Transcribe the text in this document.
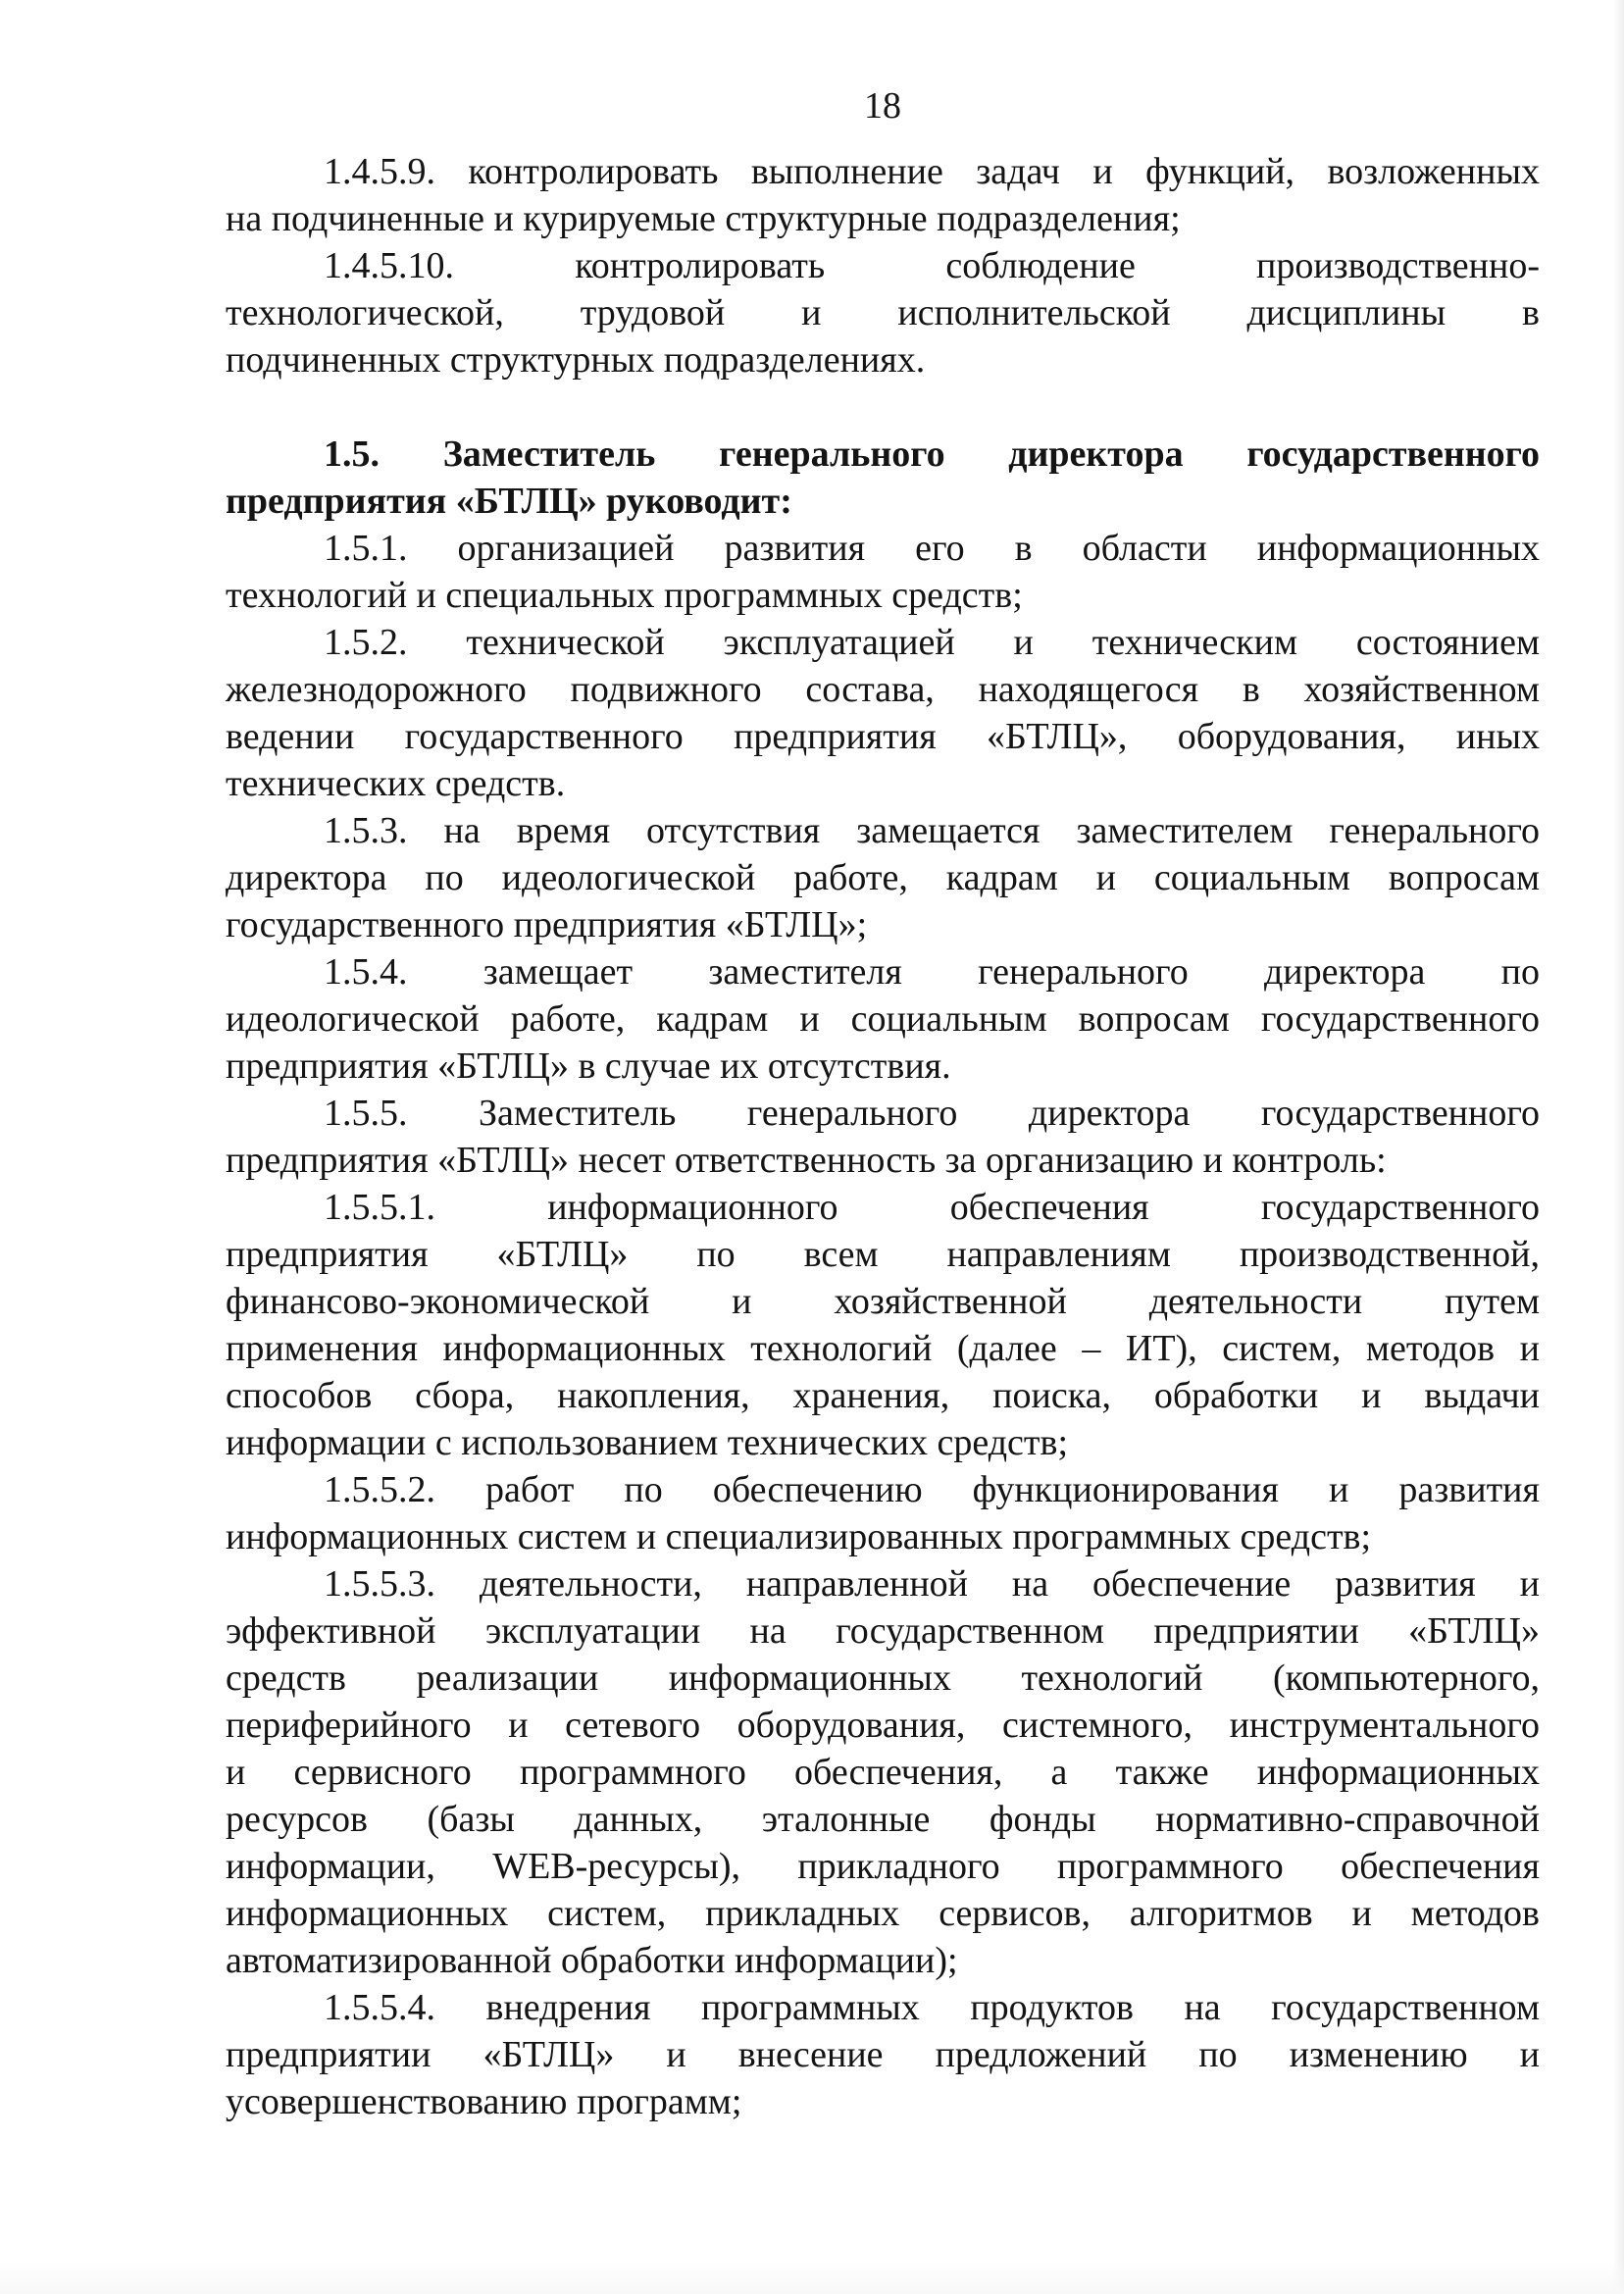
18
1.4.5.9. контролировать выполнение задач и функций, возложенных
на подчиненные и курируемые структурные подразделения;
1.4.5.10. контролировать соблюдение производственно-
технологической, трудовой и исполнительской дисциплины в
подчиненных структурных подразделениях.
1.5. Заместитель генерального директора государственного
предприятия «БТЛЦ» руководит:
1.5.1. организацией развития его в области информационных
технологий и специальных программных средств;
1.5.2. технической эксплуатацией и техническим состоянием
железнодорожного подвижного состава, находящегося в хозяйственном
ведении государственного предприятия «БТЛЦ», оборудования, иных
технических средств.
1.5.3. на время отсутствия замещается заместителем генерального
директора по идеологической работе, кадрам и социальным вопросам
государственного предприятия «БТЛЦ»;
1.5.4. замещает заместителя генерального директора по
идеологической работе, кадрам и социальным вопросам государственного
предприятия «БТЛЦ» в случае их отсутствия.
1.5.5. Заместитель генерального директора государственного
предприятия «БТЛЦ» несет ответственность за организацию и контроль:
1.5.5.1. информационного обеспечения государственного
предприятия «БТЛЦ» по всем направлениям производственной,
финансово-экономической и хозяйственной деятельности путем
применения информационных технологий (далее – ИТ), систем, методов и
способов сбора, накопления, хранения, поиска, обработки и выдачи
информации с использованием технических средств;
1.5.5.2. работ по обеспечению функционирования и развития
информационных систем и специализированных программных средств;
1.5.5.3. деятельности, направленной на обеспечение развития и
эффективной эксплуатации на государственном предприятии «БТЛЦ»
средств реализации информационных технологий (компьютерного,
периферийного и сетевого оборудования, системного, инструментального
и сервисного программного обеспечения, а также информационных
ресурсов (базы данных, эталонные фонды нормативно-справочной
информации, WEB-ресурсы), прикладного программного обеспечения
информационных систем, прикладных сервисов, алгоритмов и методов
автоматизированной обработки информации);
1.5.5.4. внедрения программных продуктов на государственном
предприятии «БТЛЦ» и внесение предложений по изменению и
усовершенствованию программ;
